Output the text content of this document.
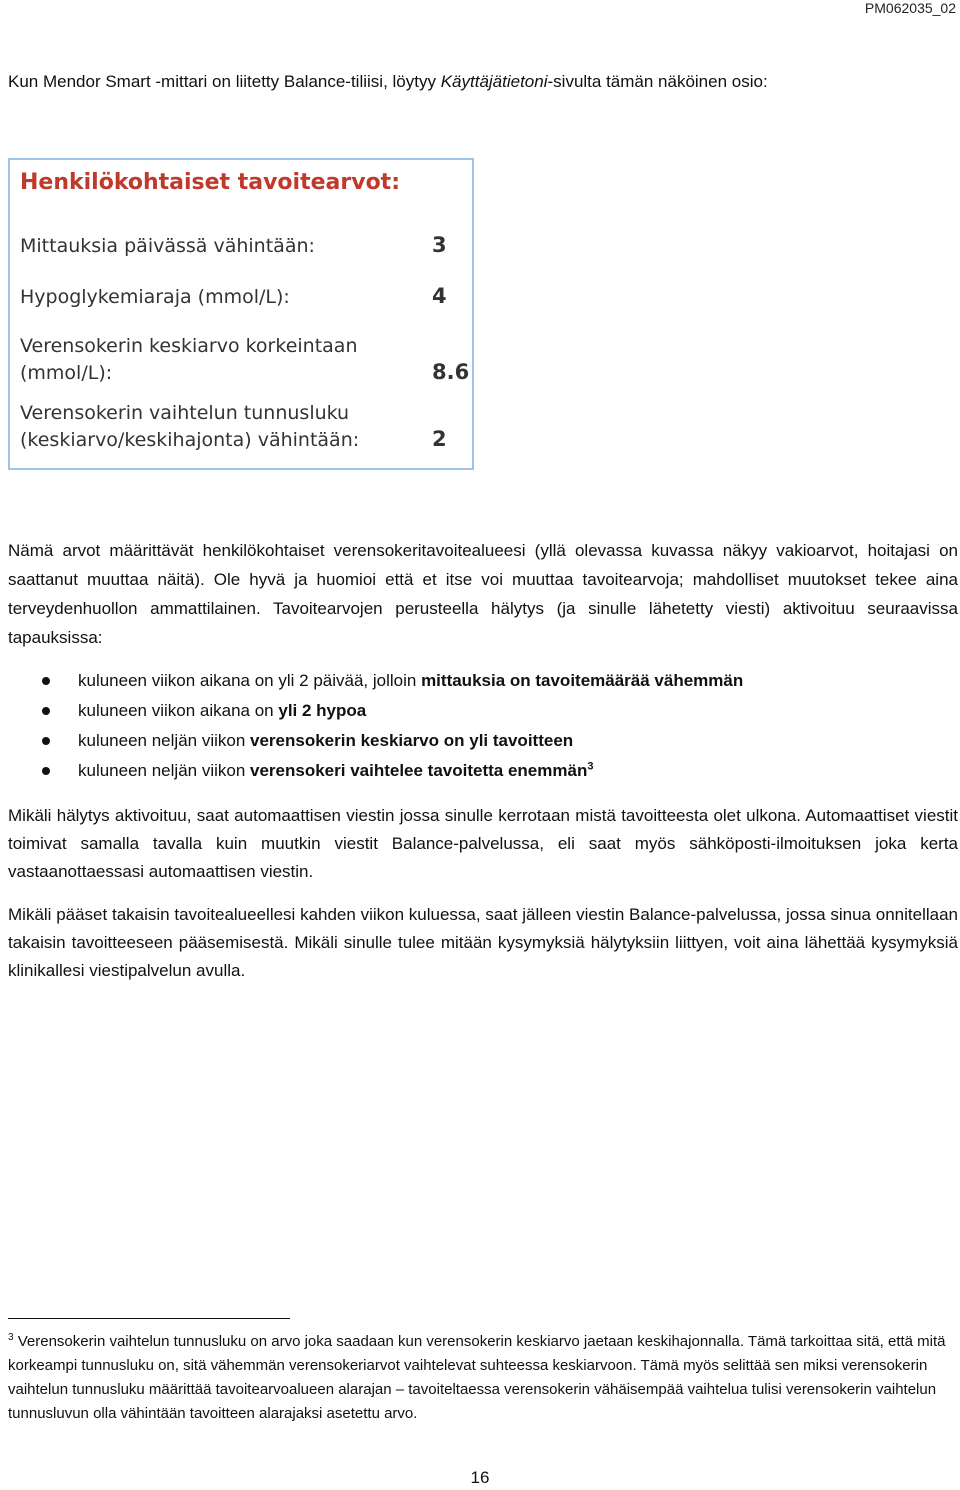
PM062035_02
Kun Mendor Smart -mittari on liitetty Balance-tiliisi, löytyy Käyttäjätietoni-sivulta tämän näköinen osio:
Henkilökohtaiset tavoitearvot:
Mittauksia päivässä vähintään:	3
Hypoglykemiaraja (mmol/L):	4
Verensokerin keskiarvo korkeintaan (mmol/L):	8.6
Verensokerin vaihtelun tunnusluku (keskiarvo/keskihajonta) vähintään:	2
Nämä arvot määrittävät henkilökohtaiset verensokeritavoitealueesi (yllä olevassa kuvassa näkyy vakioarvot, hoitajasi on saattanut muuttaa näitä). Ole hyvä ja huomioi että et itse voi muuttaa tavoitearvoja; mahdolliset muutokset tekee aina terveydenhuollon ammattilainen. Tavoitearvojen perusteella hälytys (ja sinulle lähetetty viesti) aktivoituu seuraavissa tapauksissa:
kuluneen viikon aikana on yli 2 päivää, jolloin mittauksia on tavoitemäärää vähemmän
kuluneen viikon aikana on yli 2 hypoa
kuluneen neljän viikon verensokerin keskiarvo on yli tavoitteen
kuluneen neljän viikon verensokeri vaihtelee tavoitetta enemmän$^3$
Mikäli hälytys aktivoituu, saat automaattisen viestin jossa sinulle kerrotaan mistä tavoitteesta olet ulkona. Automaattiset viestit toimivat samalla tavalla kuin muutkin viestit Balance-palvelussa, eli saat myös sähköposti-ilmoituksen joka kerta vastaanottaessasi automaattisen viestin.
Mikäli pääset takaisin tavoitealueellesi kahden viikon kuluessa, saat jälleen viestin Balance-palvelussa, jossa sinua onnitellaan takaisin tavoitteeseen pääsemisestä. Mikäli sinulle tulee mitään kysymyksiä hälytyksiin liittyen, voit aina lähettää kysymyksiä klinikallesi viestipalvelun avulla.
$^3$ Verensokerin vaihtelun tunnusluku on arvo joka saadaan kun verensokerin keskiarvo jaetaan keskihajonnalla. Tämä tarkoittaa sitä, että mitä korkeampi tunnusluku on, sitä vähemmän verensokeriarvot vaihtelevat suhteessa keskiarvoon. Tämä myös selittää sen miksi verensokerin vaihtelun tunnusluku määrittää tavoitearvoalueen alarajan – tavoiteltaessa verensokerin vähäisempää vaihtelua tulisi verensokerin vaihtelun tunnusluvun olla vähintään tavoitteen alarajaksi asetettu arvo.
16
